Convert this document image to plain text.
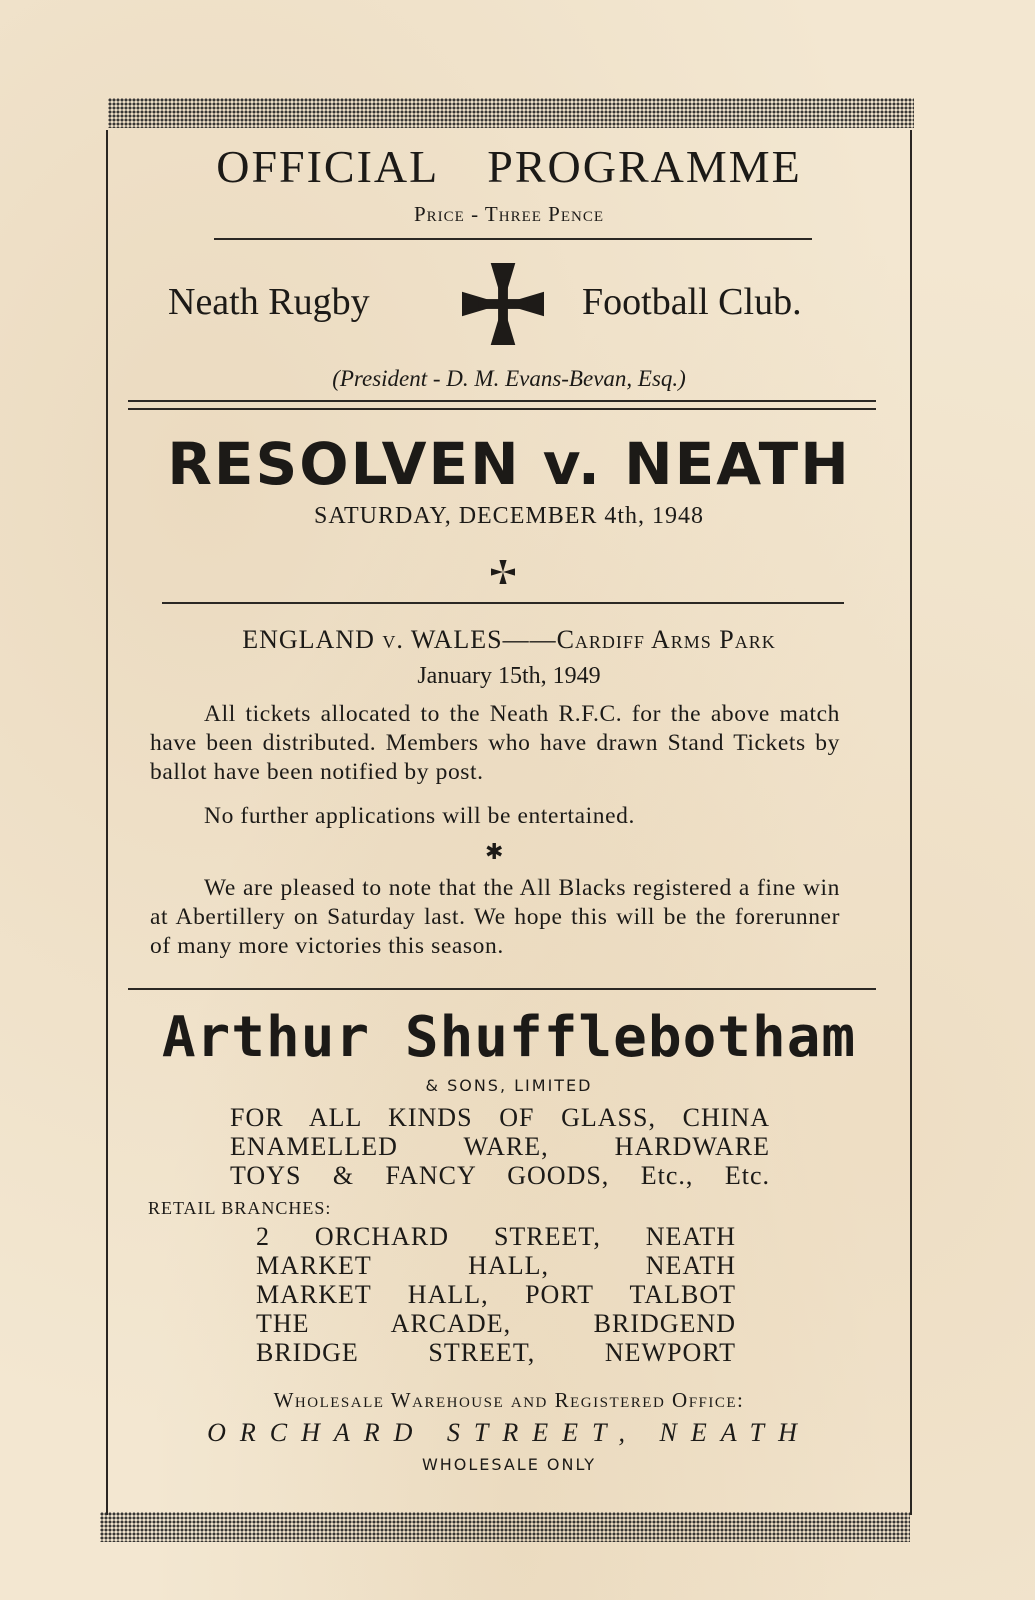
OFFICIAL PROGRAMME
Price - Three Pence
Neath Rugby	Football Club.
(President - D. M. Evans-Bevan, Esq.)
RESOLVEN v. NEATH
SATURDAY, DECEMBER 4th, 1948
ENGLAND v. WALES——Cardiff Arms Park
January 15th, 1949
All tickets allocated to the Neath R.F.C. for the above match have been distributed. Members who have drawn Stand Tickets by ballot have been notified by post.
No further applications will be entertained.
✱
We are pleased to note that the All Blacks registered a fine win at Abertillery on Saturday last. We hope this will be the forerunner of many more victories this season.
Arthur Shufflebotham
& SONS, LIMITED
FOR ALL KINDS OF GLASS, CHINA
ENAMELLED WARE, HARDWARE
TOYS & FANCY GOODS, Etc., Etc.
RETAIL BRANCHES:
2 ORCHARD STREET, NEATH
MARKET HALL, NEATH
MARKET HALL, PORT TALBOT
THE ARCADE, BRIDGEND
BRIDGE STREET, NEWPORT
Wholesale Warehouse and Registered Office:
ORCHARD STREET, NEATH
WHOLESALE ONLY
